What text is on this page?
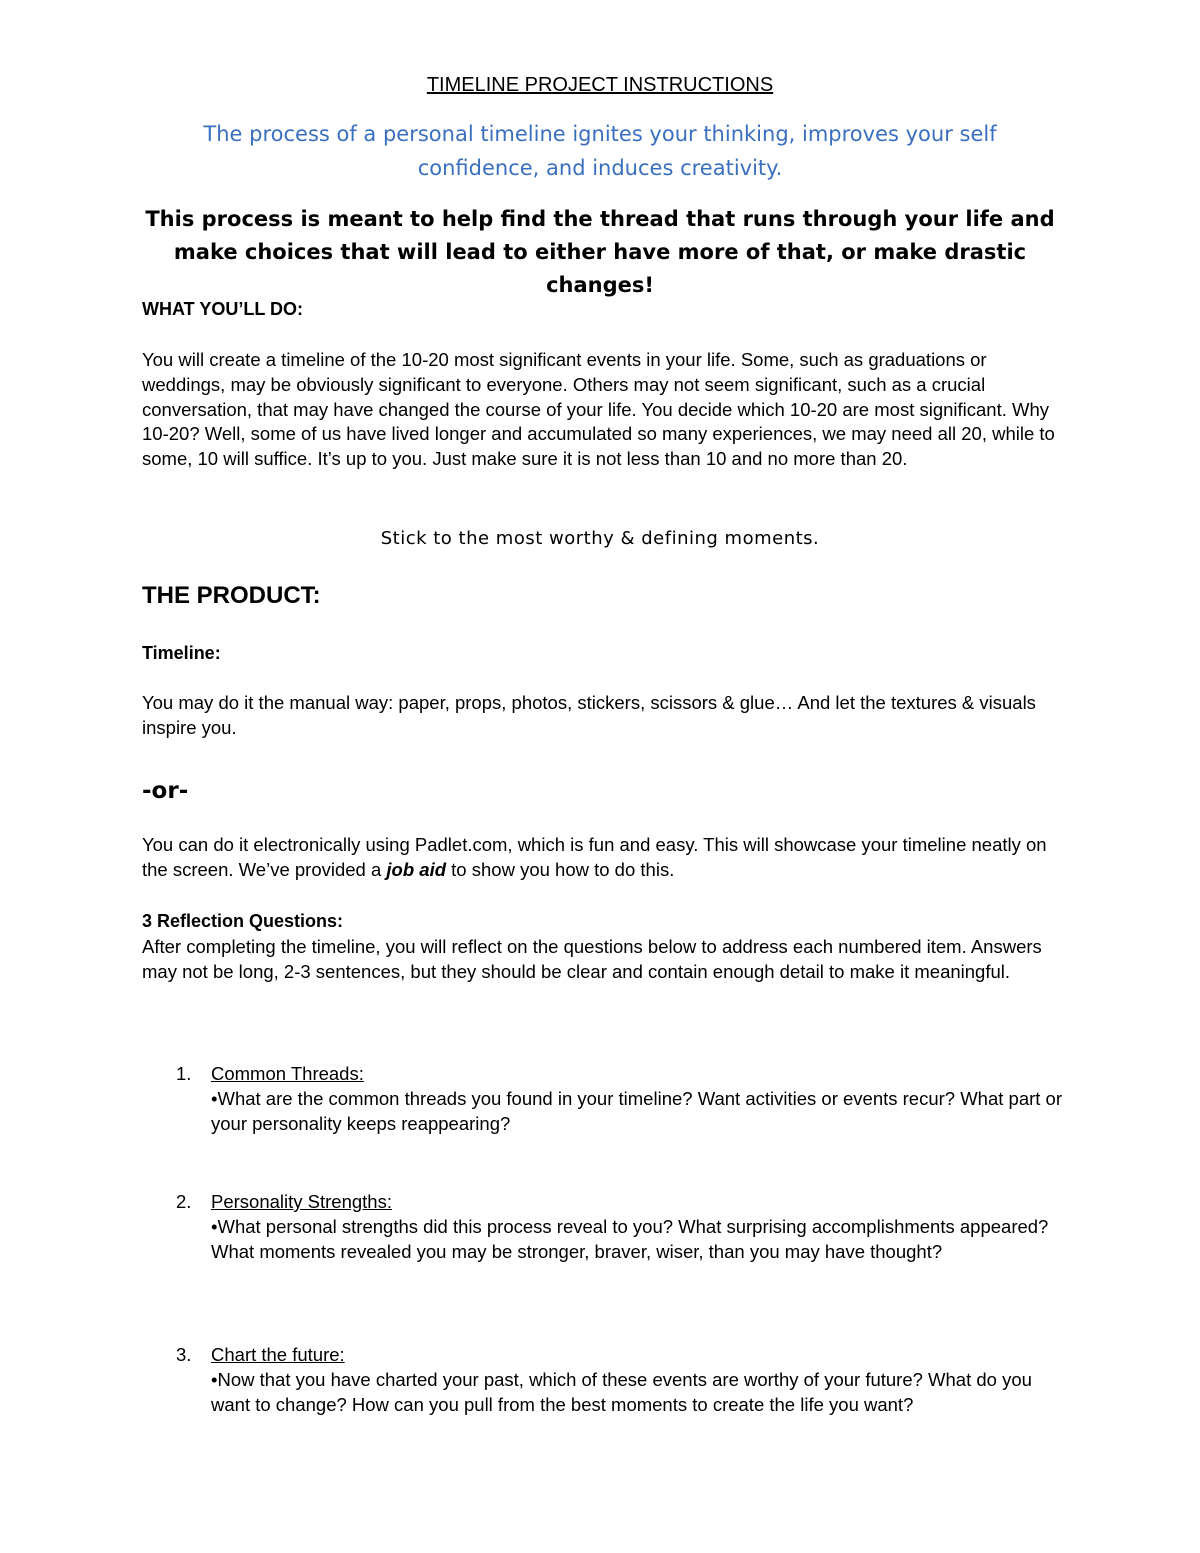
TIMELINE PROJECT INSTRUCTIONS
The process of a personal timeline ignites your thinking, improves your self confidence, and induces creativity.
This process is meant to help find the thread that runs through your life and make choices that will lead to either have more of that, or make drastic changes!
WHAT YOU’LL DO:
You will create a timeline of the 10-20 most significant events in your life. Some, such as graduations or weddings, may be obviously significant to everyone. Others may not seem significant, such as a crucial conversation, that may have changed the course of your life. You decide which 10-20 are most significant. Why 10-20? Well, some of us have lived longer and accumulated so many experiences, we may need all 20, while to some, 10 will suffice. It’s up to you. Just make sure it is not less than 10 and no more than 20.
Stick to the most worthy & defining moments.
THE PRODUCT:
Timeline:
You may do it the manual way: paper, props, photos, stickers, scissors & glue… And let the textures & visuals inspire you.
-or-
You can do it electronically using Padlet.com, which is fun and easy. This will showcase your timeline neatly on the screen. We’ve provided a job aid to show you how to do this.
3 Reflection Questions:
After completing the timeline, you will reflect on the questions below to address each numbered item. Answers may not be long, 2-3 sentences, but they should be clear and contain enough detail to make it meaningful.
1. Common Threads:
•What are the common threads you found in your timeline? Want activities or events recur? What part or your personality keeps reappearing?
2. Personality Strengths:
•What personal strengths did this process reveal to you? What surprising accomplishments appeared? What moments revealed you may be stronger, braver, wiser, than you may have thought?
3. Chart the future:
•Now that you have charted your past, which of these events are worthy of your future? What do you want to change? How can you pull from the best moments to create the life you want?
